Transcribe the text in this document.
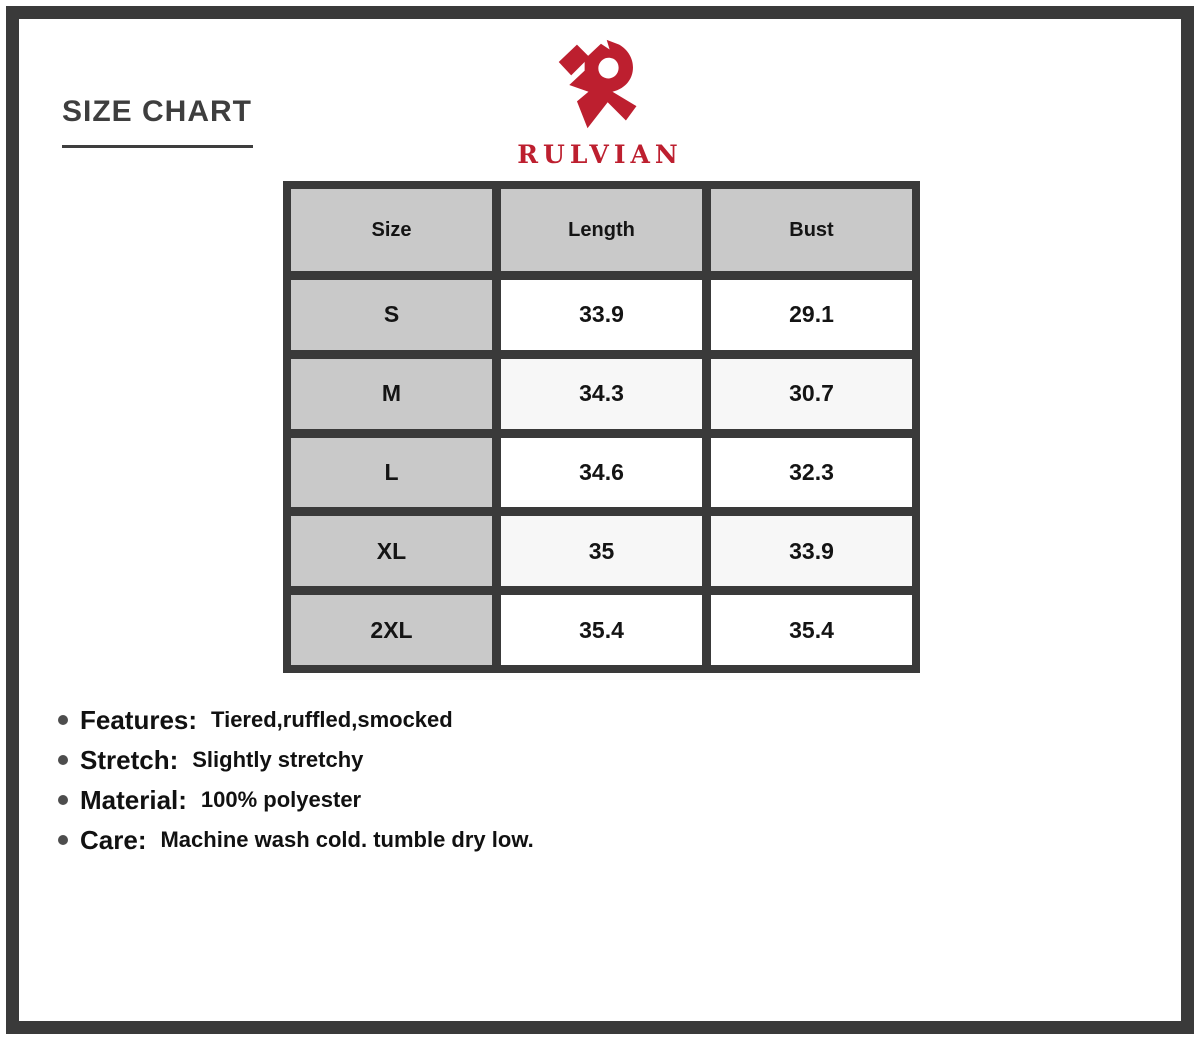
SIZE CHART
RULVIAN
Size	Length	Bust
S	33.9	29.1
M	34.3	30.7
L	34.6	32.3
XL	35	33.9
2XL	35.4	35.4
Features: Tiered,ruffled,smocked
Stretch: Slightly stretchy
Material: 100% polyester
Care: Machine wash cold. tumble dry low.
